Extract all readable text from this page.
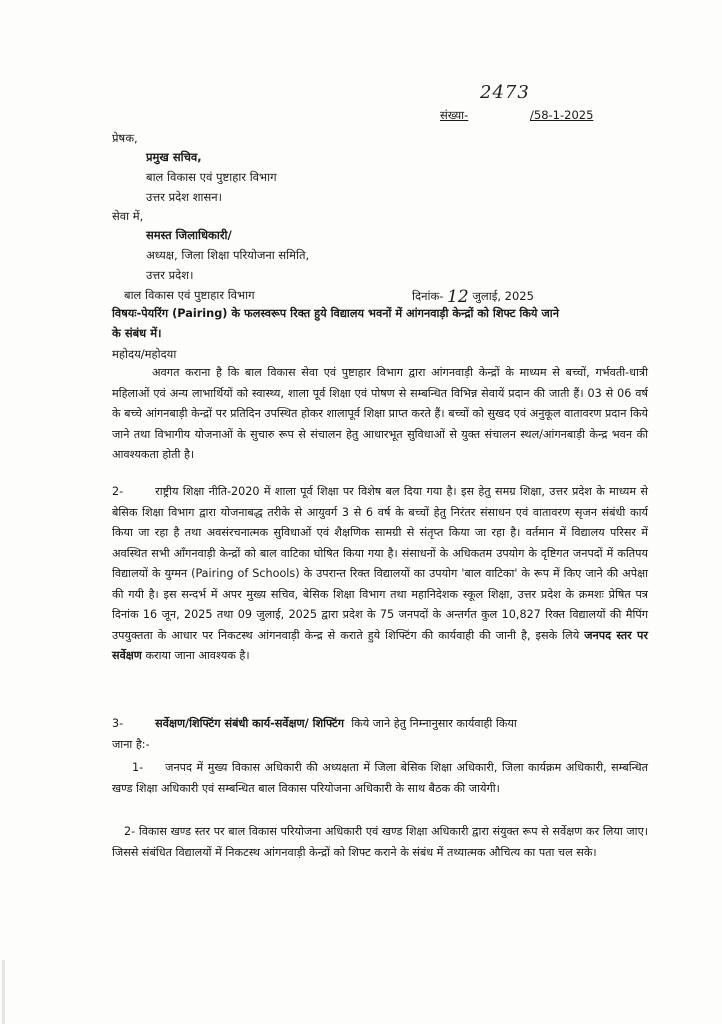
2473
संख्या-	/58-1-2025
प्रेषक,
प्रमुख सचिव,
बाल विकास एवं पुष्टाहार विभाग
उत्तर प्रदेश शासन।
सेवा में,
समस्त जिलाधिकारी/
अध्यक्ष, जिला शिक्षा परियोजना समिति,
उत्तर प्रदेश।
बाल विकास एवं पुष्टाहार विभाग	दिनांक- 12 जुलाई, 2025
विषयः-पेयरिंग (Pairing) के फलस्वरूप रिक्त हुये विद्यालय भवनों में आंगनवाड़ी केन्द्रों को शिफ्ट किये जाने
के संबंध में।
महोदय/महोदया
अवगत कराना है कि बाल विकास सेवा एवं पुष्टाहार विभाग द्वारा आंगनवाड़ी केन्द्रों के माध्यम से बच्चों, गर्भवती-धात्री महिलाओं एवं अन्य लाभार्थियों को स्वास्थ्य, शाला पूर्व शिक्षा एवं पोषण से सम्बन्धित विभिन्न सेवायें प्रदान की जाती हैं। 03 से 06 वर्ष के बच्चे आंगनबाड़ी केन्द्रों पर प्रतिदिन उपस्थित होकर शालापूर्व शिक्षा प्राप्त करते हैं। बच्चों को सुखद एवं अनुकूल वातावरण प्रदान किये जाने तथा विभागीय योजनाओं के सुचारु रूप से संचालन हेतु आधारभूत सुविधाओं से युक्त संचालन स्थल/आंगनबाड़ी केन्द्र भवन की आवश्यकता होती है।
2-	राष्ट्रीय शिक्षा नीति-2020 में शाला पूर्व शिक्षा पर विशेष बल दिया गया है। इस हेतु समग्र शिक्षा, उत्तर प्रदेश के माध्यम से बेसिक शिक्षा विभाग द्वारा योजनाबद्ध तरीके से आयुवर्ग 3 से 6 वर्ष के बच्चों हेतु निरंतर संसाधन एवं वातावरण सृजन संबंधी कार्य किया जा रहा है तथा अवसंरचनात्मक सुविधाओं एवं शैक्षणिक सामग्री से संतृप्त किया जा रहा है। वर्तमान में विद्यालय परिसर में अवस्थित सभी आँगनवाड़ी केन्द्रों को बाल वाटिका घोषित किया गया है। संसाधनों के अधिकतम उपयोग के दृष्टिगत जनपदों में कतिपय विद्यालयों के युग्मन (Pairing of Schools) के उपरान्त रिक्त विद्यालयों का उपयोग 'बाल वाटिका' के रूप में किए जाने की अपेक्षा की गयी है। इस सन्दर्भ में अपर मुख्य सचिव, बेसिक शिक्षा विभाग तथा महानिदेशक स्कूल शिक्षा, उत्तर प्रदेश के क्रमशः प्रेषित पत्र दिनांक 16 जून, 2025 तथा 09 जुलाई, 2025 द्वारा प्रदेश के 75 जनपदों के अन्तर्गत कुल 10,827 रिक्त विद्यालयों की मैपिंग उपयुक्तता के आधार पर निकटस्थ आंगनवाड़ी केन्द्र से कराते हुये शिफ्टिंग की कार्यवाही की जानी है, इसके लिये जनपद स्तर पर सर्वेक्षण कराया जाना आवश्यक है।
3-	सर्वेक्षण/शिफ्टिंग संबंधी कार्य-सर्वेक्षण/ शिफ्टिंग किये जाने हेतु निम्नानुसार कार्यवाही किया
जाना है:-
1- जनपद में मुख्य विकास अधिकारी की अध्यक्षता में जिला बेसिक शिक्षा अधिकारी, जिला कार्यक्रम अधिकारी, सम्बन्धित खण्ड शिक्षा अधिकारी एवं सम्बन्धित बाल विकास परियोजना अधिकारी के साथ बैठक की जायेगी।
2- विकास खण्ड स्तर पर बाल विकास परियोजना अधिकारी एवं खण्ड शिक्षा अधिकारी द्वारा संयुक्त रूप से सर्वेक्षण कर लिया जाए। जिससे संबंधित विद्यालयों में निकटस्थ आंगनवाड़ी केन्द्रों को शिफ्ट कराने के संबंध में तथ्यात्मक औचित्य का पता चल सके।
